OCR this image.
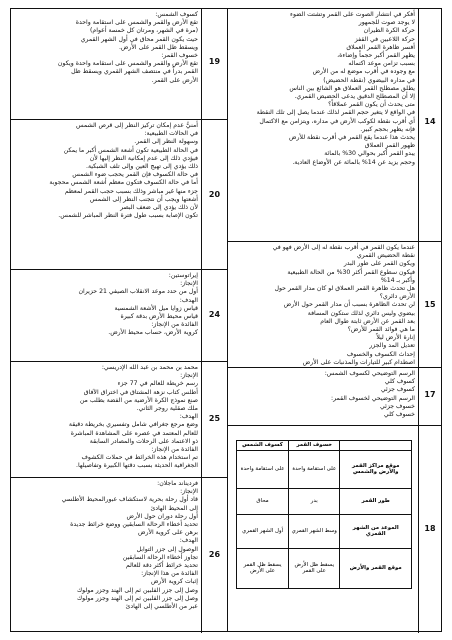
كسوف الشمس:

تقع الأرض والقمر والشمس على استقامة واحدة

(مرة في الشهر، ومرتان كل خمسة أعوام)

حيث يكون القمر محاق في أول الشهر القمري

ويسقط ظل القمر على الأرض.

خسوف القمر:

تقع الأرض والقمر والشمس على استقامة واحدة ويكون

القمر بدراً في منتصف الشهر القمري ويسقط ظل

الأرض على القمر.

19

أمنيُّ عدم إمكان تركيز النظر إلى قرص الشمس

في الحالات الطبيعية:

وسهولة النظر إلى القمر.

في الحالة الطبيعية تكون أشعة الشمس أكبر ما يمكن

فيؤدي ذلك إلى عدم إمكانية النظر إليها لأن

ذلك يؤدي إلى تهيج العين وإلى تلف الشبكية.

في حالة الكسوف فإن القمر يحجب ضوء الشمس

أما في حالة الكسوف فتكون معظم أشعة الشمس محجوبة

جزء منها غير مباشر وذلك بسبب حجب القمر لمعظم

أشعتها ويجب أن نتجنب النظر إلى الشمس

لأن ذلك يؤدي إلى ضعف البصر

تكون الإصابة بسبب طول فترة النظر المباشر للشمس.

20

إيراتوستين:

الإنجاز:

أول من حدد موعد الانقلاب الصيفي 21 حزيران

الهدف:

قياس زوايا ميل الأشعة الشمسية

قياس محيط الأرض بدقة كبيرة

الفائدة من الإنجاز:

كروية الأرض، حساب محيط الأرض.

24

محمد بن محمد بن عبد الله الإدريسي:

الإنجاز:

رسم خريطة للعالم في 77 جزء

أطلس كتاب نزهة المشتاق في اختراق الآفاق

صنع نموذج الكرة الأرضية من الفضة بطلب من

ملك صقلية روجر الثاني.

الهدف:

وضع مرجع جغرافي شامل وتفسيري بخريطة دقيقة

للعالم المعتمد في عصره على المشاهدة المباشرة

ذو الاعتماد على الرحلات والمصادر السابقة

الفائدة من الإنجاز:

تم استخدام هذه الخرائط في حملات الكشوف

الجغرافية الحديثة بسبب دقتها الكبيرة وتفاصيلها.

25

فرديناند ماجلان:

الإنجاز:

قاد أول رحلة بحرية لاستكشاف عبورالمحيط الأطلسي

إلى المحيط الهادئ

أول رحلة دوران حول الأرض

تحديد أخطاء الرحالة السابقين ووضع خرائط جديدة

برهن على كروية الأرض

الهدف:

الوصول إلى جزر التوابل

تجاوز أخطاء الرحالة السابقين

تحديد خرائط أكثر دقة للعالم

الفائدة من هذا الإنجاز:

إثبات كروية الأرض

وصل إلى جزر الفلبين ثم إلى الهند وجزر مولوك

وصل إلى جزر الفلبين ثم إلى الهند وجزر مولوك

عبر من الأطلسي إلى الهادئ

26

أفكر في انتشار الصوت على القمر وتشتت الضوء

لا يوجد صوت للجمهور

حركة الكرة الطيران

حركة اللاعبين في القفز

أفسر ظاهرة القمر العملاق

يظهر القمر أكبر حجماً وإضاءة،

بسبب تزامن موعد اكتماله

مع وجوده في أقرب موضع له من الأرض

في مداره البيضوي (نقطة الحضيض)

يطلق مصطلح القمر العملاق هو الشائع بين الناس

إلا أن المصطلح الدقيق يدعى الحضيض القمري.

متى يحدث أن يكون القمر عملاقاً؟

في الواقع لا يتغير حجم القمر لذلك عندما يصل إلى تلك النقطة

أي أقرب نقطة لكوكب الأرض في مداره، ويتزامن مع الاكتمال

فإنه يظهر بحجم كبير.

يحدث هذا عندما يقع القمر في أقرب نقطة للأرض

ظهور القمر العملاق

يبدو القمر أكبر بحوالي 30% بالمائة

وحجم يزيد عن 14% بالمائة عن الأوضاع العادية.

14

عندما يكون القمر في أقرب نقطة له إلى الأرض فهو في

نقطة الحضيض القمري

ويكون القمر على طور البدر

فيكون سطوع القمر أكثر 30% من الحالة الطبيعية

وأكبر بـ 14%

هل تحدث ظاهرة القمر العملاق لو كان مدار القمر حول

الأرض دائري؟

لن تحدث الظاهرة بسبب أن مدار القمر حول الأرض

بيضوي وليس دائري لذلك ستكون المسافة

بعد القمر عن الأرض ثابتة طوال العام

ما هي فوائد القمر للأرض؟

إنارة الأرض ليلاً

تعديل المد والجزر

إحداث الكسوف والخسوف

اصطدام كبير للتيارات والمذنبات على الأرض

15

الرسم التوضيحي لكسوف الشمس:

كسوف كلي

كسوف جزئي

الرسم التوضيحي لخسوف القمر:

خسوف جزئي

خسوف كلي

17
	خسوف القمر	كسوف الشمس
موقع مراكز القمر والأرض والشمس	على استقامة واحدة	على استقامة واحدة
طور القمر	بدر	محاق
الموعد من الشهر القمري	وسط الشهر القمري	أول الشهر القمري
موقع القمر والأرض	يسقط ظل الأرض على القمر	يسقط ظل القمر على الأرض
18
